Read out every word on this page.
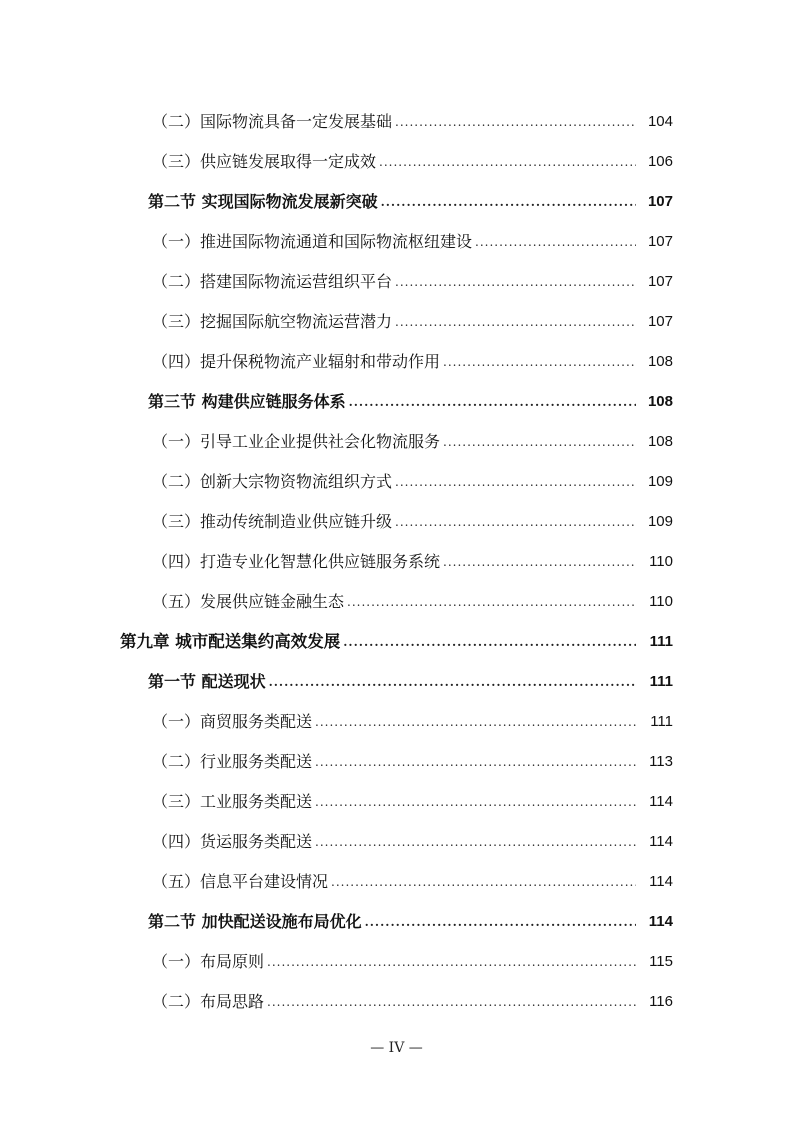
（二）国际物流具备一定发展基础 .....	104
（三）供应链发展取得一定成效 .....	106
第二节 实现国际物流发展新突破 .....	107
（一）推进国际物流通道和国际物流枢纽建设 .....	107
（二）搭建国际物流运营组织平台 .....	107
（三）挖掘国际航空物流运营潜力 .....	107
（四）提升保税物流产业辐射和带动作用 .....	108
第三节 构建供应链服务体系 .....	108
（一）引导工业企业提供社会化物流服务 .....	108
（二）创新大宗物资物流组织方式 .....	109
（三）推动传统制造业供应链升级 .....	109
（四）打造专业化智慧化供应链服务系统 .....	110
（五）发展供应链金融生态 .....	110
第九章 城市配送集约高效发展 .....	111
第一节 配送现状 .....	111
（一）商贸服务类配送 .....	111
（二）行业服务类配送 .....	113
（三）工业服务类配送 .....	114
（四）货运服务类配送 .....	114
（五）信息平台建设情况 .....	114
第二节 加快配送设施布局优化 .....	114
（一）布局原则 .....	115
（二）布局思路 .....	116
— IV —
